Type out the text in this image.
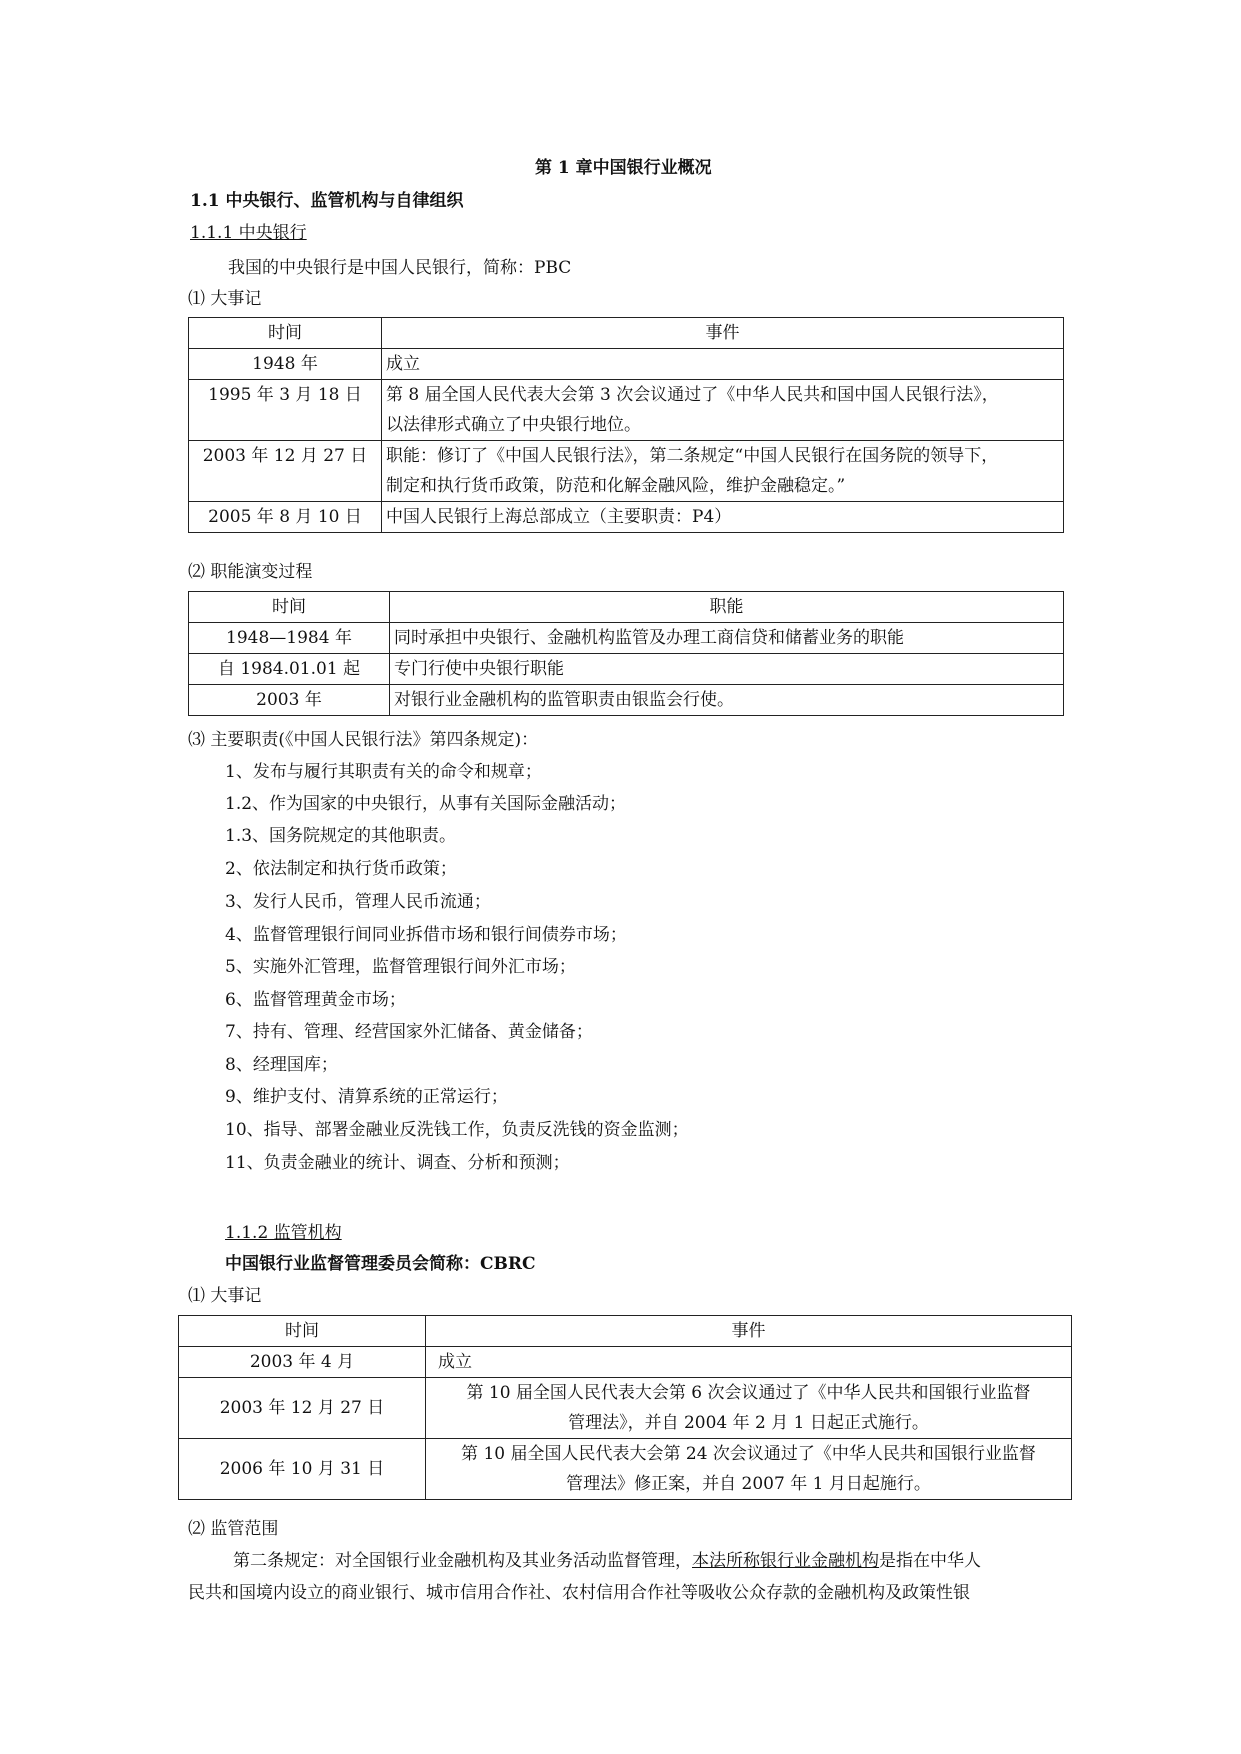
第 1 章中国银行业概况
1.1 中央银行、监管机构与自律组织
1.1.1 中央银行
我国的中央银行是中国人民银行，简称：PBC
⑴ 大事记
时间	事件
1948 年	成立
1995 年 3 月 18 日	第 8 届全国人民代表大会第 3 次会议通过了《中华人民共和国中国人民银行法》，
以法律形式确立了中央银行地位。

2003 年 12 月 27 日	职能：修订了《中国人民银行法》，第二条规定“中国人民银行在国务院的领导下，
制定和执行货币政策，防范和化解金融风险，维护金融稳定。”

2005 年 8 月 10 日	中国人民银行上海总部成立（主要职责：P4）
⑵ 职能演变过程
时间	职能
1948—1984 年	同时承担中央银行、金融机构监管及办理工商信贷和储蓄业务的职能
自 1984.01.01 起	专门行使中央银行职能
2003 年	对银行业金融机构的监管职责由银监会行使。
⑶ 主要职责(《中国人民银行法》第四条规定)：
1、发布与履行其职责有关的命令和规章；
1.2、作为国家的中央银行，从事有关国际金融活动；
1.3、国务院规定的其他职责。
2、依法制定和执行货币政策；
3、发行人民币，管理人民币流通；
4、监督管理银行间同业拆借市场和银行间债券市场；
5、实施外汇管理，监督管理银行间外汇市场；
6、监督管理黄金市场；
7、持有、管理、经营国家外汇储备、黄金储备；
8、经理国库；
9、维护支付、清算系统的正常运行；
10、指导、部署金融业反洗钱工作，负责反洗钱的资金监测；
11、负责金融业的统计、调查、分析和预测；
1.1.2 监管机构
中国银行业监督管理委员会简称：CBRC
⑴ 大事记
时间	事件
2003 年 4 月	成立
2003 年 12 月 27 日	第 10 届全国人民代表大会第 6 次会议通过了《中华人民共和国银行业监督
管理法》，并自 2004 年 2 月 1 日起正式施行。

2006 年 10 月 31 日	第 10 届全国人民代表大会第 24 次会议通过了《中华人民共和国银行业监督
管理法》修正案，并自 2007 年 1 月日起施行。
⑵ 监管范围
第二条规定：对全国银行业金融机构及其业务活动监督管理，本法所称银行业金融机构是指在中华人
民共和国境内设立的商业银行、城市信用合作社、农村信用合作社等吸收公众存款的金融机构及政策性银
